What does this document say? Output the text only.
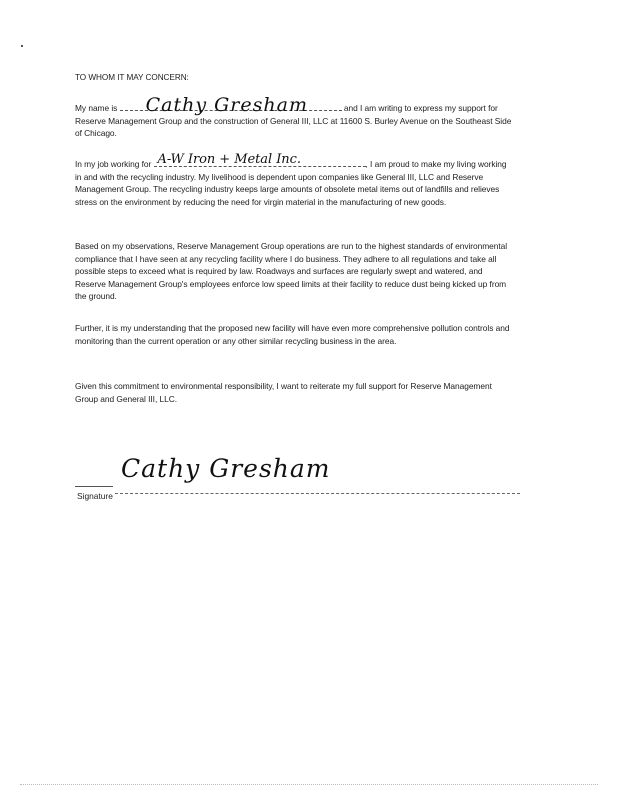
TO WHOM IT MAY CONCERN:
My name is Cathy Gresham	and I am writing to express my support for Reserve Management Group and the construction of General III, LLC at 11600 S. Burley Avenue on the Southeast Side of Chicago.
In my job working for A-W Iron + Metal Inc.	, I am proud to make my living working in and with the recycling industry. My livelihood is dependent upon companies like General III, LLC and Reserve Management Group. The recycling industry keeps large amounts of obsolete metal items out of landfills and relieves stress on the environment by reducing the need for virgin material in the manufacturing of new goods.
Based on my observations, Reserve Management Group operations are run to the highest standards of environmental compliance that I have seen at any recycling facility where I do business. They adhere to all regulations and take all possible steps to exceed what is required by law. Roadways and surfaces are regularly swept and watered, and Reserve Management Group's employees enforce low speed limits at their facility to reduce dust being kicked up from the ground.
Further, it is my understanding that the proposed new facility will have even more comprehensive pollution controls and monitoring than the current operation or any other similar recycling business in the area.
Given this commitment to environmental responsibility, I want to reiterate my full support for Reserve Management Group and General III, LLC.
Cathy Gresham
Signature
